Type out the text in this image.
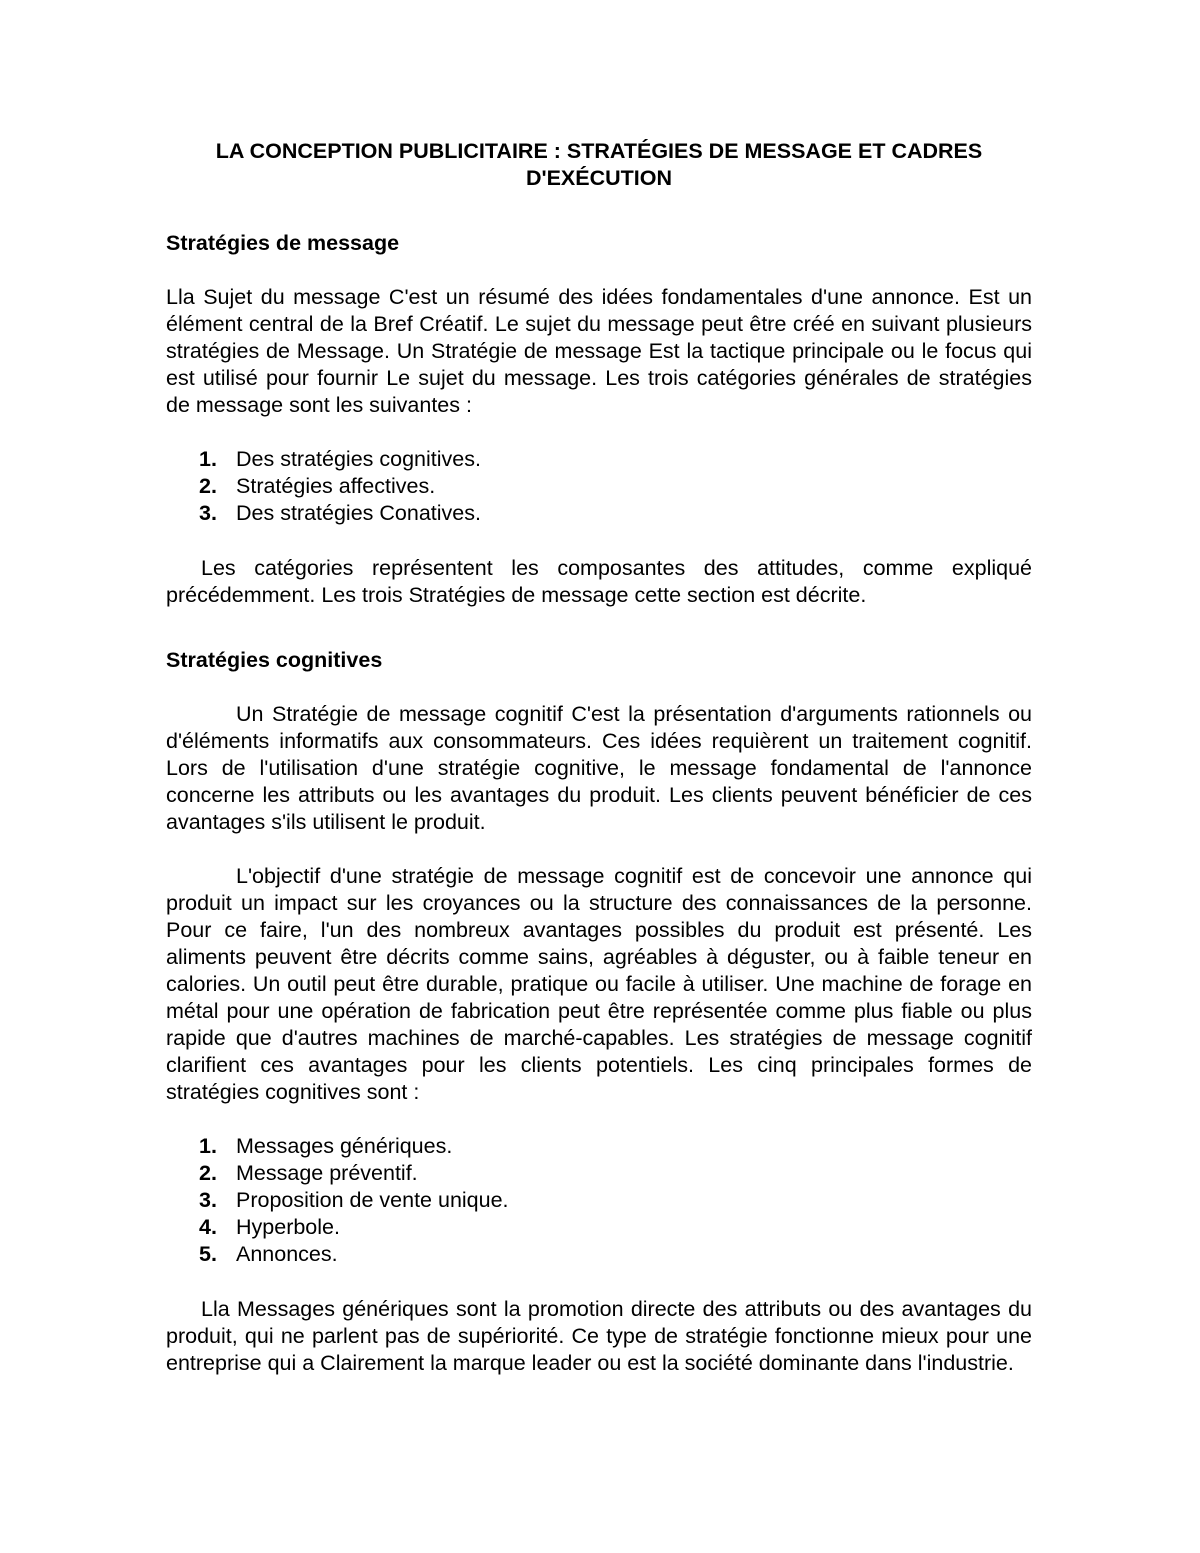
LA CONCEPTION PUBLICITAIRE : STRATÉGIES DE MESSAGE ET CADRES D'EXÉCUTION
Stratégies de message

Lla Sujet du message C'est un résumé des idées fondamentales d'une annonce. Est un élément central de la Bref Créatif. Le sujet du message peut être créé en suivant plusieurs stratégies de Message. Un Stratégie de message Est la tactique principale ou le focus qui est utilisé pour fournir Le sujet du message. Les trois catégories générales de stratégies de message sont les suivantes :

1. Des stratégies cognitives.
2. Stratégies affectives.
3. Des stratégies Conatives.

Les catégories représentent les composantes des attitudes, comme expliqué précédemment. Les trois Stratégies de message cette section est décrite.

Stratégies cognitives

Un Stratégie de message cognitif C'est la présentation d'arguments rationnels ou d'éléments informatifs aux consommateurs. Ces idées requièrent un traitement cognitif. Lors de l'utilisation d'une stratégie cognitive, le message fondamental de l'annonce concerne les attributs ou les avantages du produit. Les clients peuvent bénéficier de ces avantages s'ils utilisent le produit.

L'objectif d'une stratégie de message cognitif est de concevoir une annonce qui produit un impact sur les croyances ou la structure des connaissances de la personne. Pour ce faire, l'un des nombreux avantages possibles du produit est présenté. Les aliments peuvent être décrits comme sains, agréables à déguster, ou à faible teneur en calories. Un outil peut être durable, pratique ou facile à utiliser. Une machine de forage en métal pour une opération de fabrication peut être représentée comme plus fiable ou plus rapide que d'autres machines de marché-capables. Les stratégies de message cognitif clarifient ces avantages pour les clients potentiels. Les cinq principales formes de stratégies cognitives sont :

1. Messages génériques.
2. Message préventif.
3. Proposition de vente unique.
4. Hyperbole.
5. Annonces.

Lla Messages génériques sont la promotion directe des attributs ou des avantages du produit, qui ne parlent pas de supériorité. Ce type de stratégie fonctionne mieux pour une entreprise qui a Clairement la marque leader ou est la société dominante dans l'industrie.
